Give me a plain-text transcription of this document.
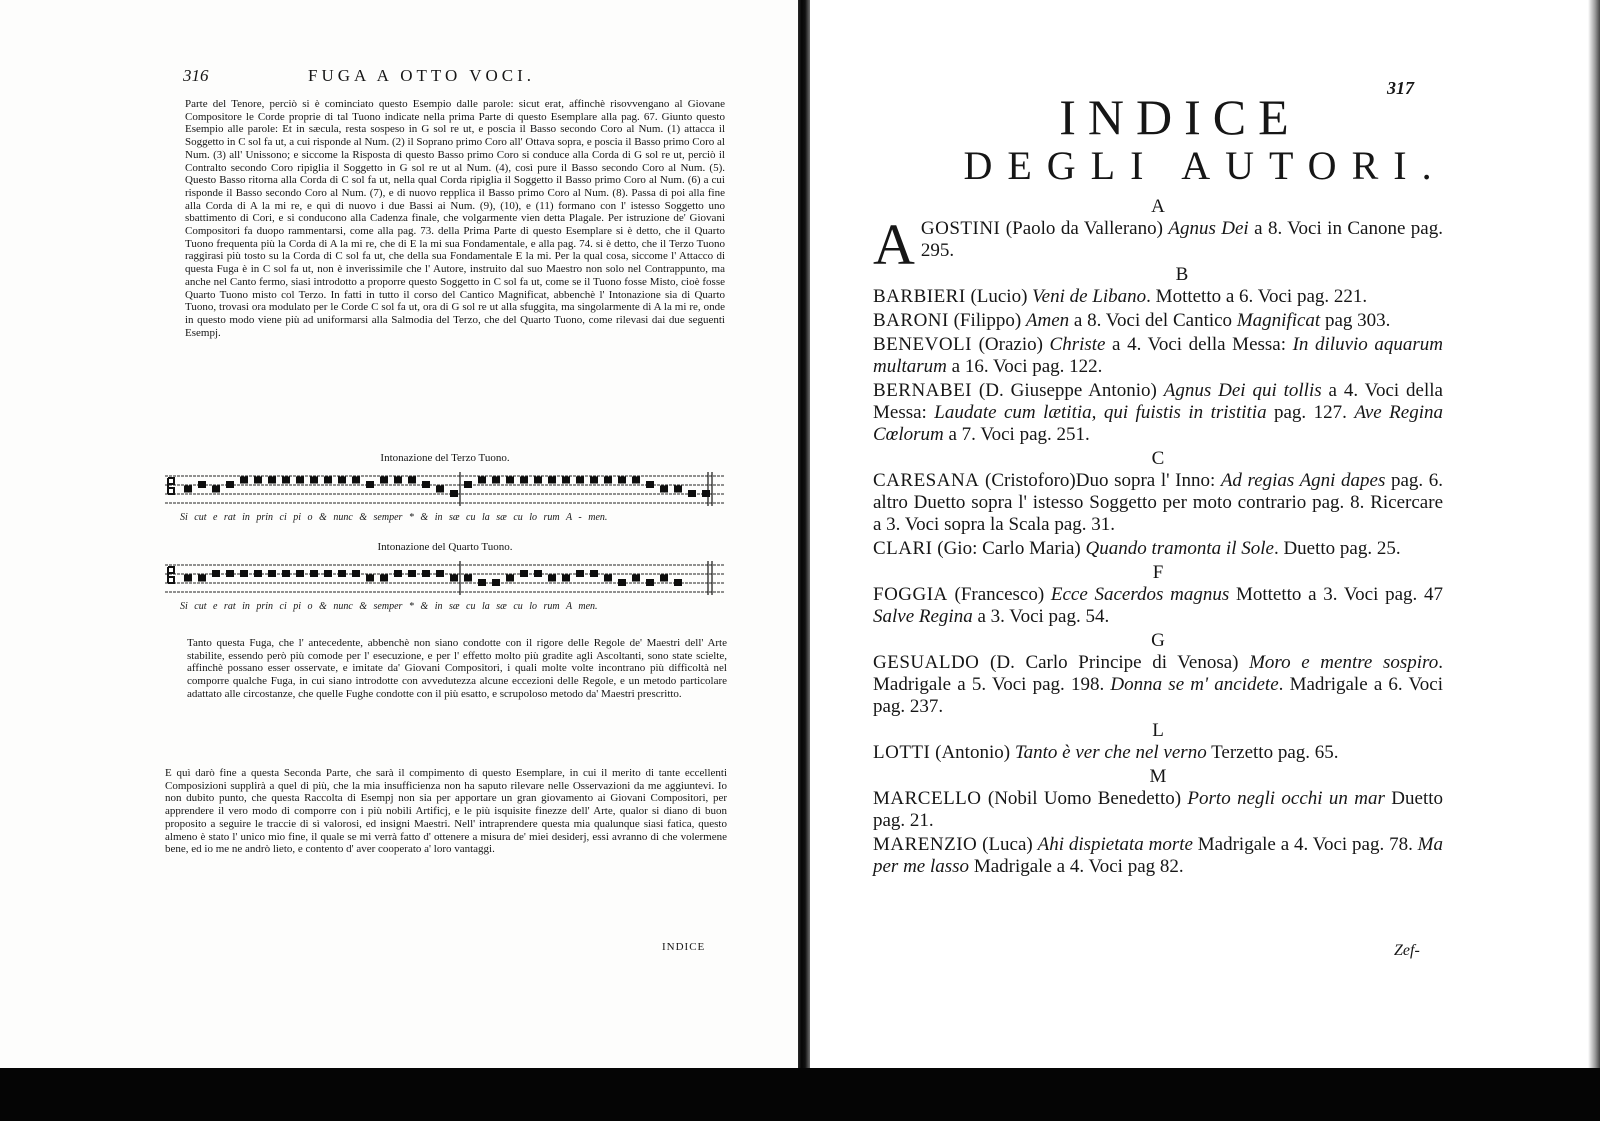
316	FUGA A OTTO VOCI.

Parte del Tenore, perciò si è cominciato questo Esempio dalle parole: sicut erat, affinchè risovvengano al Giovane Compositore le Corde proprie di tal Tuono indicate nella prima Parte di questo Esemplare alla pag. 67. Giunto questo Esempio alle parole: Et in sæcula, resta sospeso in G sol re ut, e poscia il Basso secondo Coro al Num. (1) attacca il Soggetto in C sol fa ut, a cui risponde al Num. (2) il Soprano primo Coro all' Ottava sopra, e poscia il Basso primo Coro al Num. (3) all' Unissono; e siccome la Risposta di questo Basso primo Coro si conduce alla Corda di G sol re ut, perciò il Contralto secondo Coro ripiglia il Soggetto in G sol re ut al Num. (4), così pure il Basso secondo Coro al Num. (5). Questo Basso ritorna alla Corda di C sol fa ut, nella qual Corda ripiglia il Soggetto il Basso primo Coro al Num. (6) a cui risponde il Basso secondo Coro al Num. (7), e di nuovo repplica il Basso primo Coro al Num. (8). Passa di poi alla fine alla Corda di A la mi re, e quì di nuovo i due Bassi ai Num. (9), (10), e (11) formano con l' istesso Soggetto uno sbattimento di Cori, e si conducono alla Cadenza finale, che volgarmente vien detta Plagale. Per istruzione de' Giovani Compositori fa duopo rammentarsi, come alla pag. 73. della Prima Parte di questo Esemplare si è detto, che il Quarto Tuono frequenta più la Corda di A la mi re, che di E la mi sua Fondamentale, e alla pag. 74. si è detto, che il Terzo Tuono raggirasi più tosto su la Corda di C sol fa ut, che della sua Fondamentale E la mi. Per la qual cosa, siccome l' Attacco di questa Fuga è in C sol fa ut, non è inverissimile che l' Autore, instruito dal suo Maestro non solo nel Contrappunto, ma anche nel Canto fermo, siasi introdotto a proporre questo Soggetto in C sol fa ut, come se il Tuono fosse Misto, cioè fosse Quarto Tuono misto col Terzo. In fatti in tutto il corso del Cantico Magnificat, abbenchè l' Intonazione sia di Quarto Tuono, trovasi ora modulato per le Corde C sol fa ut, ora di G sol re ut alla sfuggita, ma singolarmente di A la mi re, onde in questo modo viene più ad uniformarsi alla Salmodia del Terzo, che del Quarto Tuono, come rilevasi dai due seguenti Esempj.

Intonazione del Terzo Tuono.
Si cut e rat in prin ci pi o & nunc & semper * & in sæ cu la sæ cu lo rum A - men.
Intonazione del Quarto Tuono.
Si cut e rat in prin ci pi o & nunc & semper * & in sæ cu la sæ cu lo rum A men.

Tanto questa Fuga, che l' antecedente, abbenchè non siano condotte con il rigore delle Regole de' Maestri dell' Arte stabilite, essendo però più comode per l' esecuzione, e per l' effetto molto più gradite agli Ascoltanti, sono state scielte, affinchè possano esser osservate, e imitate da' Giovani Compositori, i quali molte volte incontrano più difficoltà nel comporre qualche Fuga, in cui siano introdotte con avvedutezza alcune eccezioni delle Regole, e un metodo particolare adattato alle circostanze, che quelle Fughe condotte con il più esatto, e scrupoloso metodo da' Maestri prescritto.

E quì darò fine a questa Seconda Parte, che sarà il compimento di questo Esemplare, in cui il merito di tante eccellenti Composizioni supplirà a quel di più, che la mia insufficienza non ha saputo rilevare nelle Osservazioni da me aggiuntevi. Io non dubito punto, che questa Raccolta di Esempj non sia per apportare un gran giovamento ai Giovani Compositori, per apprendere il vero modo di comporre con i più nobili Artificj, e le più isquisite finezze dell' Arte, qualor si diano di buon proposito a seguire le traccie di sì valorosi, ed insigni Maestri. Nell' intraprendere questa mia qualunque siasi fatica, questo almeno è stato l' unico mio fine, il quale se mi verrà fatto d' ottenere a misura de' miei desiderj, essi avranno di che volermene bene, ed io me ne andrò lieto, e contento d' aver cooperato a' loro vantaggi.

INDICE
317
INDICE
DEGLI AUTORI.

A

AGOSTINI (Paolo da Vallerano) Agnus Dei a 8. Voci in Canone pag. 295.

B

BARBIERI (Lucio) Veni de Libano. Mottetto a 6. Voci pag. 221.

BARONI (Filippo) Amen a 8. Voci del Cantico Magnificat pag 303.

BENEVOLI (Orazio) Christe a 4. Voci della Messa: In diluvio aquarum multarum a 16. Voci pag. 122.

BERNABEI (D. Giuseppe Antonio) Agnus Dei qui tollis a 4. Voci della Messa: Laudate cum lætitia, qui fuistis in tristitia pag. 127. Ave Regina Cœlorum a 7. Voci pag. 251.

C

CARESANA (Cristoforo)Duo sopra l' Inno: Ad regias Agni dapes pag. 6. altro Duetto sopra l' istesso Soggetto per moto contrario pag. 8. Ricercare a 3. Voci sopra la Scala pag. 31.

CLARI (Gio: Carlo Maria) Quando tramonta il Sole. Duetto pag. 25.

F

FOGGIA (Francesco) Ecce Sacerdos magnus Mottetto a 3. Voci pag. 47 Salve Regina a 3. Voci pag. 54.

G

GESUALDO (D. Carlo Principe di Venosa) Moro e mentre sospiro. Madrigale a 5. Voci pag. 198. Donna se m' ancidete. Madrigale a 6. Voci pag. 237.

L

LOTTI (Antonio) Tanto è ver che nel verno Terzetto pag. 65.

M

MARCELLO (Nobil Uomo Benedetto) Porto negli occhi un mar Duetto pag. 21.

MARENZIO (Luca) Ahi dispietata morte Madrigale a 4. Voci pag. 78. Ma per me lasso Madrigale a 4. Voci pag 82.

Zef-
